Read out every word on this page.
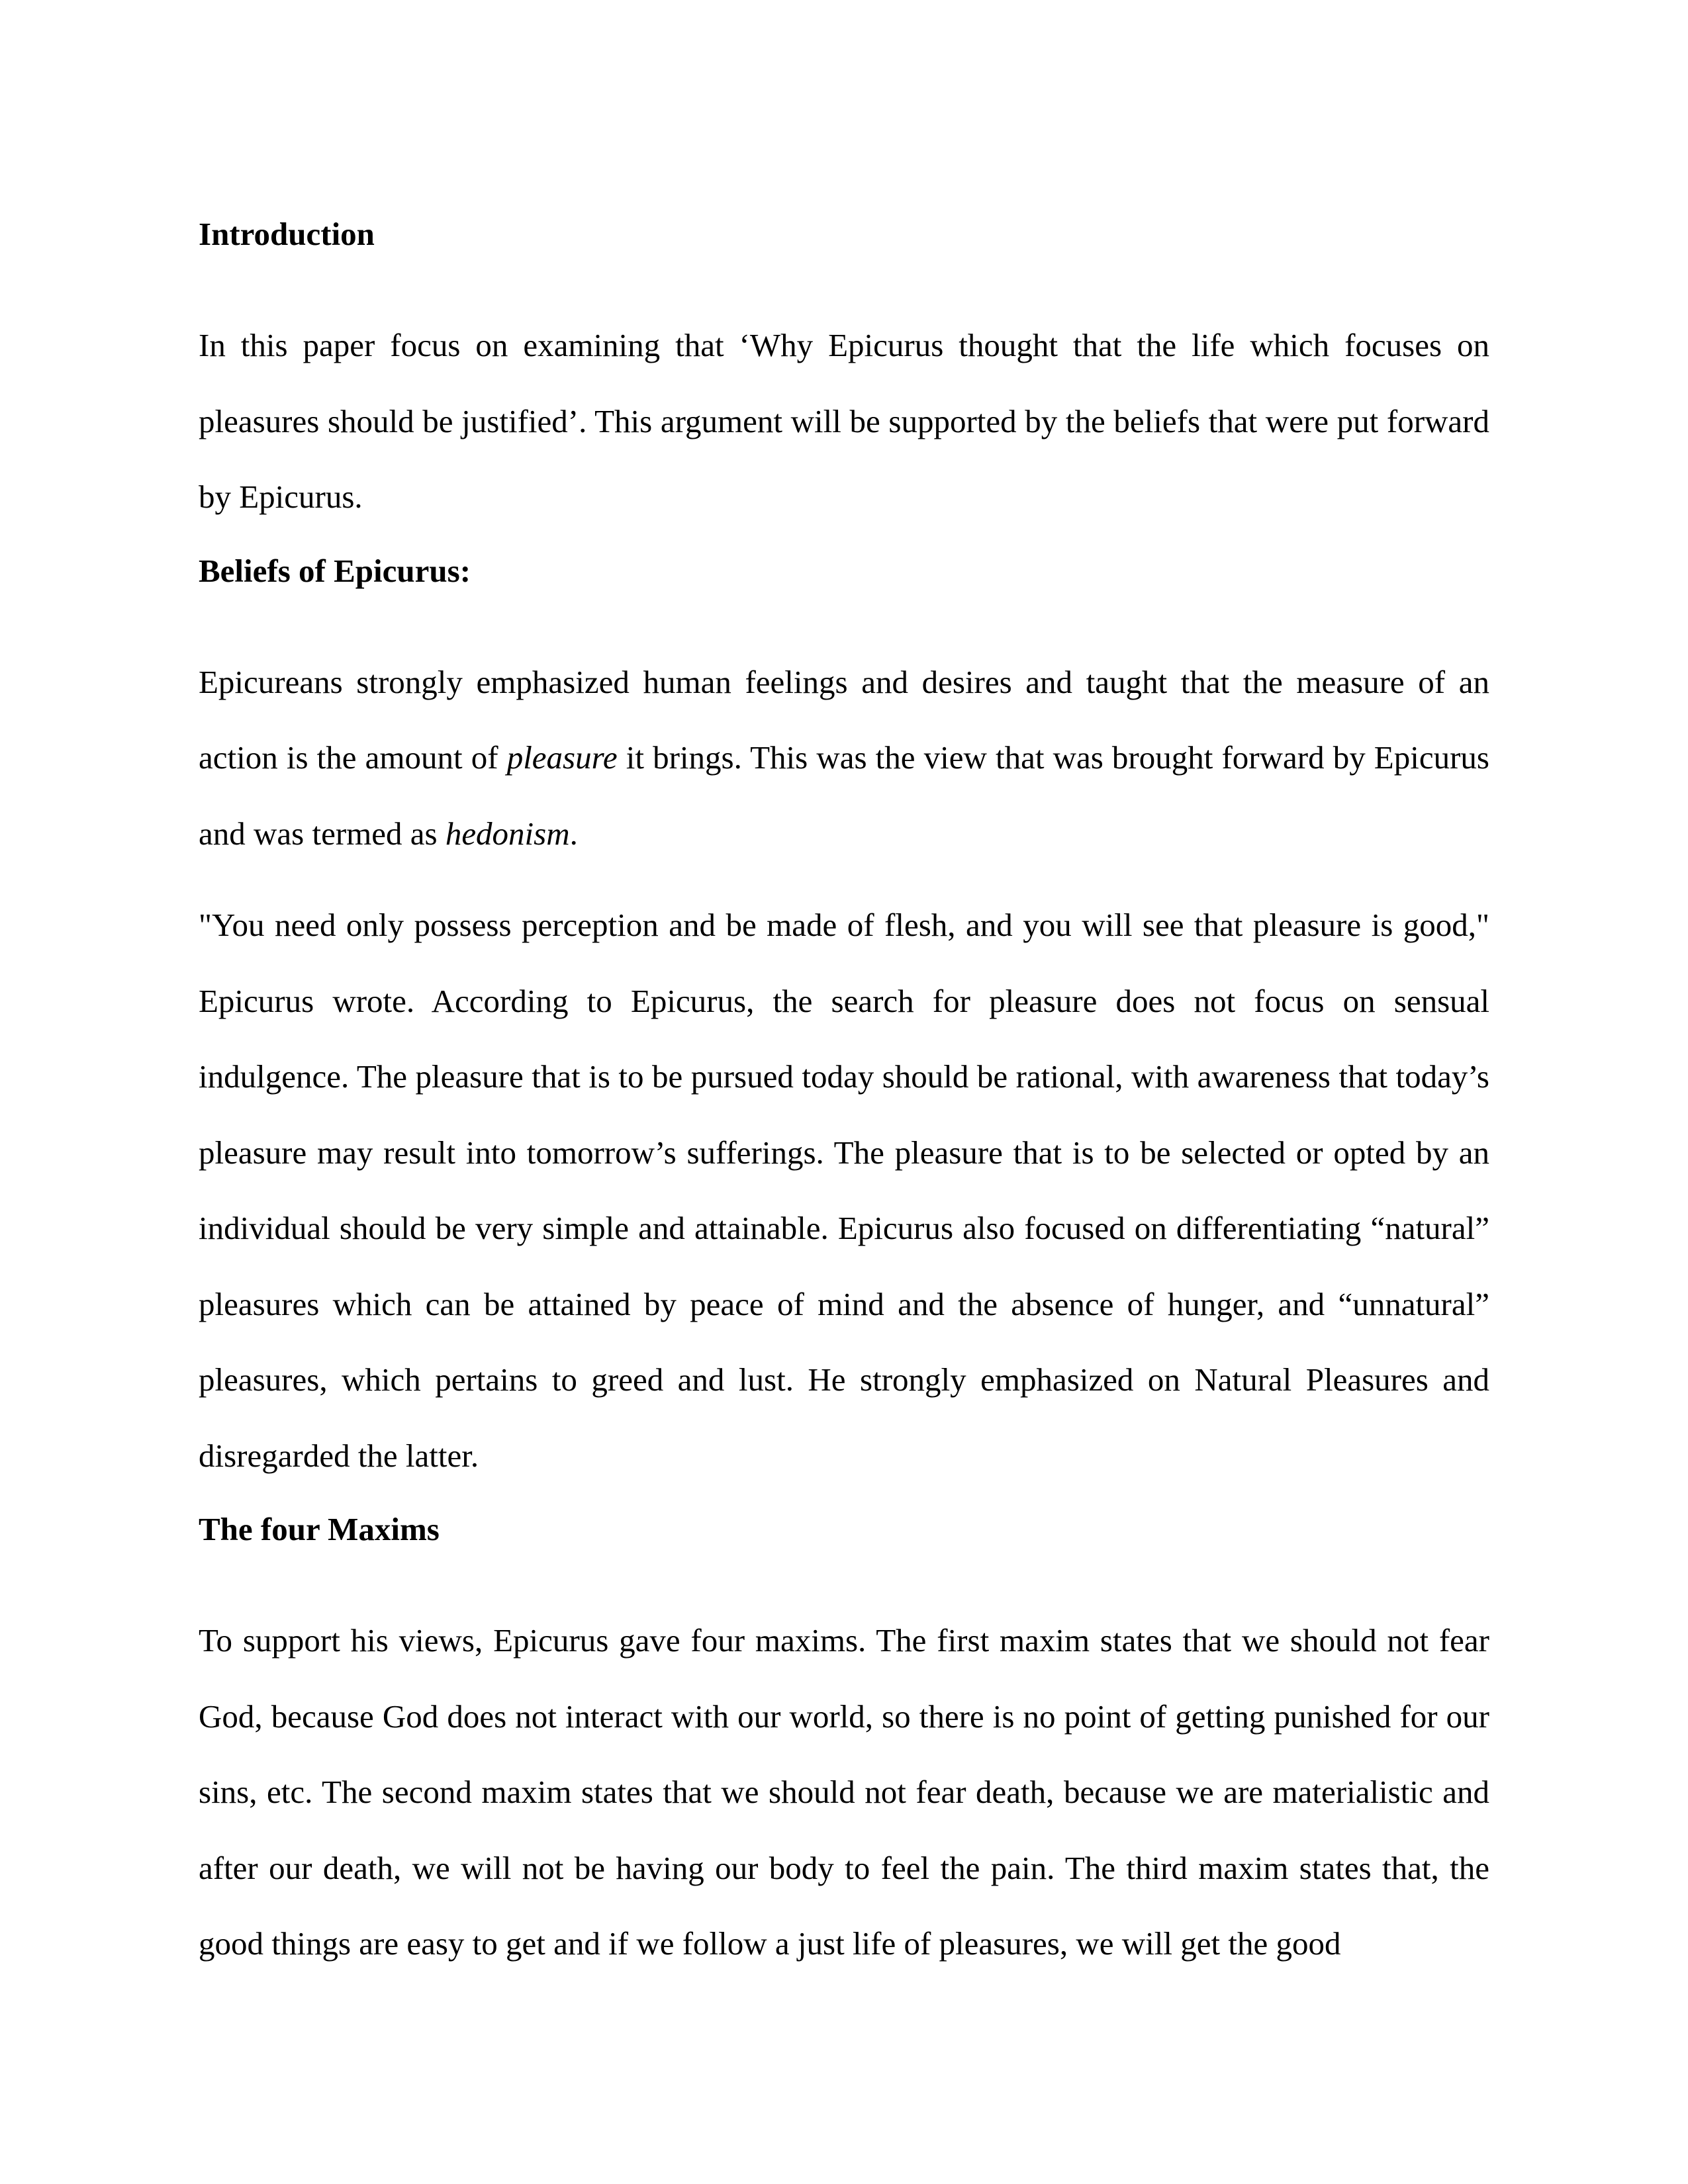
Introduction

In this paper focus on examining that ‘Why Epicurus thought that the life which focuses on pleasures should be justified’. This argument will be supported by the beliefs that were put forward by Epicurus.

Beliefs of Epicurus:

Epicureans strongly emphasized human feelings and desires and taught that the measure of an action is the amount of pleasure it brings. This was the view that was brought forward by Epicurus and was termed as hedonism.

"You need only possess perception and be made of flesh, and you will see that pleasure is good," Epicurus wrote. According to Epicurus, the search for pleasure does not focus on sensual indulgence. The pleasure that is to be pursued today should be rational, with awareness that today’s pleasure may result into tomorrow’s sufferings. The pleasure that is to be selected or opted by an individual should be very simple and attainable. Epicurus also focused on differentiating “natural” pleasures which can be attained by peace of mind and the absence of hunger, and “unnatural” pleasures, which pertains to greed and lust. He strongly emphasized on Natural Pleasures and disregarded the latter.

The four Maxims

To support his views, Epicurus gave four maxims. The first maxim states that we should not fear God, because God does not interact with our world, so there is no point of getting punished for our sins, etc. The second maxim states that we should not fear death, because we are materialistic and after our death, we will not be having our body to feel the pain. The third maxim states that, the good things are easy to get and if we follow a just life of pleasures, we will get the good
